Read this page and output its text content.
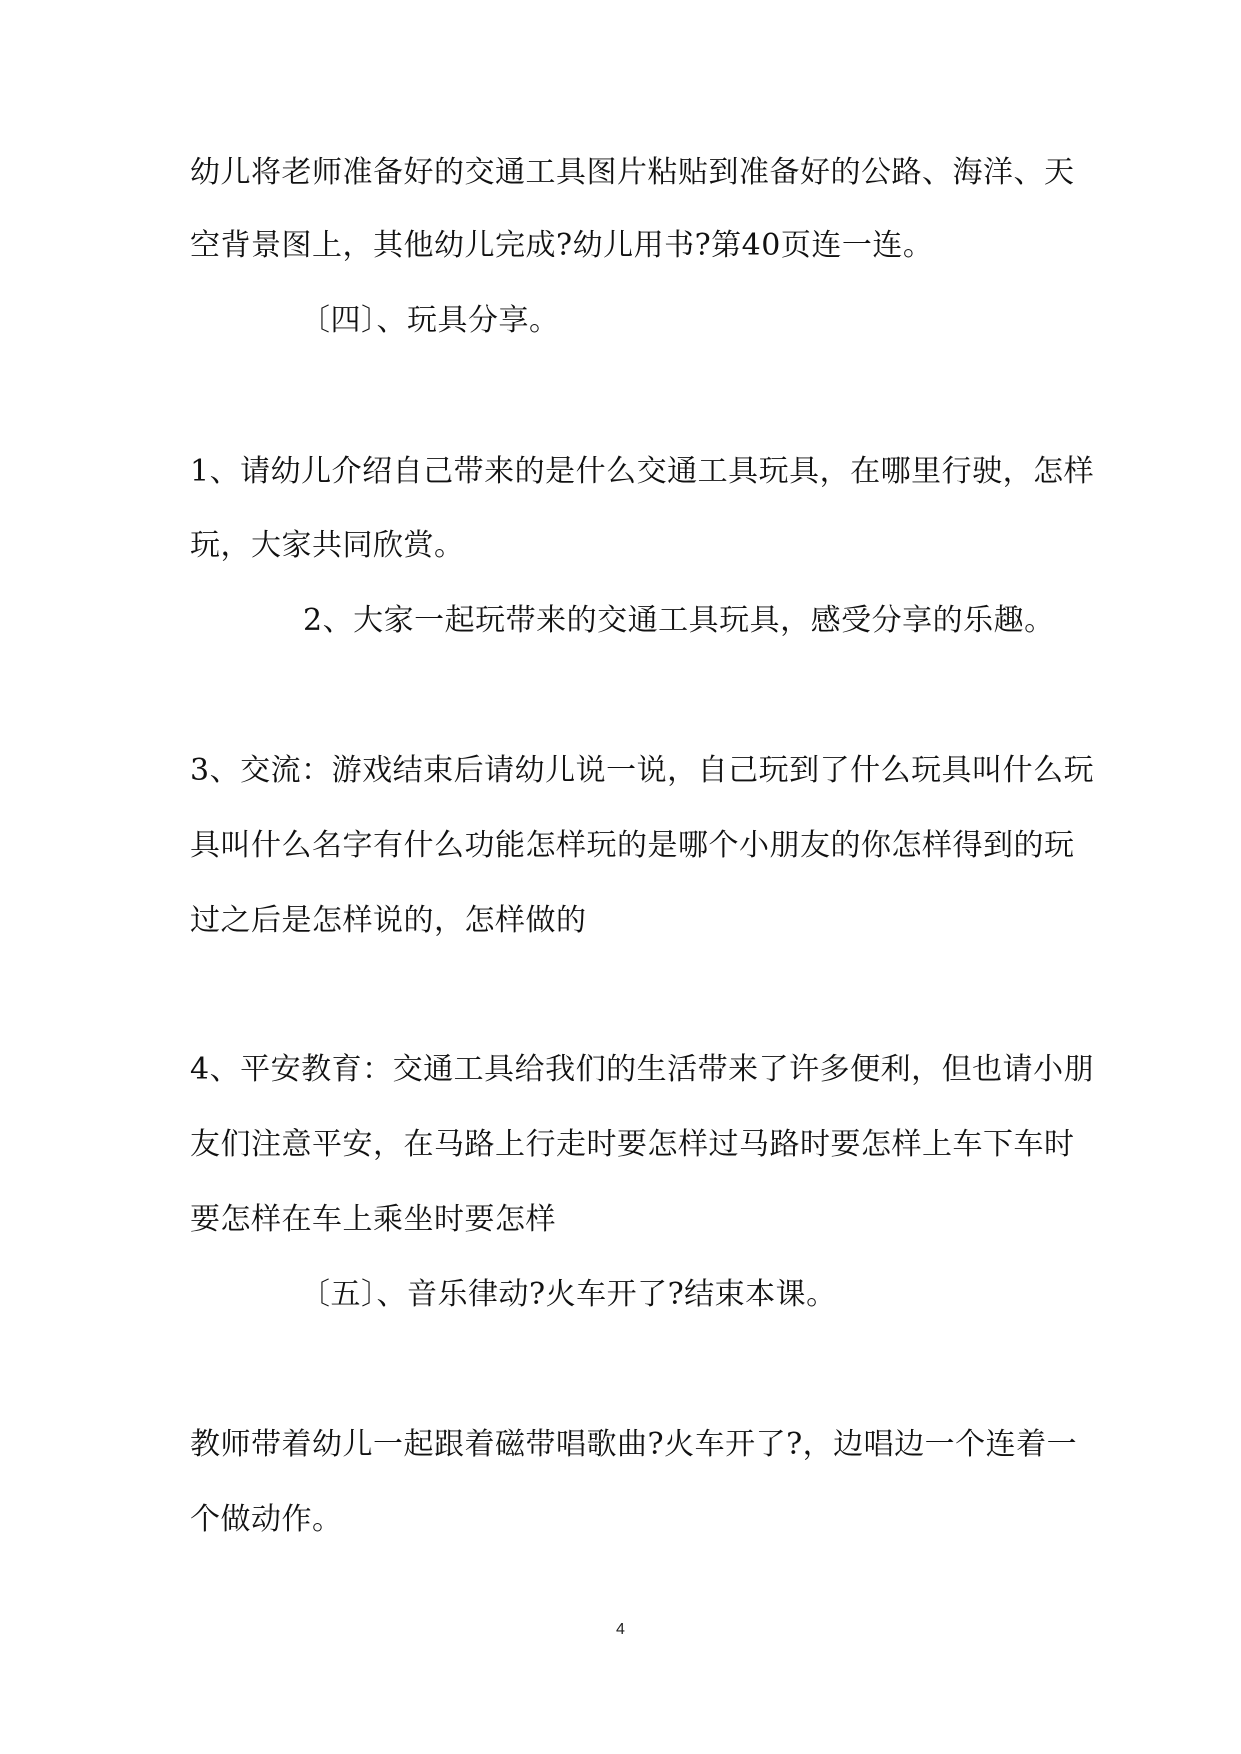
幼儿将老师准备好的交通工具图片粘贴到准备好的公路、海洋、天
空背景图上，其他幼儿完成?幼儿用书?第40页连一连。
〔四〕、玩具分享。
1、请幼儿介绍自己带来的是什么交通工具玩具，在哪里行驶，怎样
玩，大家共同欣赏。
2、大家一起玩带来的交通工具玩具，感受分享的乐趣。
3、交流：游戏结束后请幼儿说一说，自己玩到了什么玩具叫什么玩
具叫什么名字有什么功能怎样玩的是哪个小朋友的你怎样得到的玩
过之后是怎样说的，怎样做的
4、平安教育：交通工具给我们的生活带来了许多便利，但也请小朋
友们注意平安，在马路上行走时要怎样过马路时要怎样上车下车时
要怎样在车上乘坐时要怎样
〔五〕、音乐律动?火车开了?结束本课。
教师带着幼儿一起跟着磁带唱歌曲?火车开了?，边唱边一个连着一
个做动作。
4
